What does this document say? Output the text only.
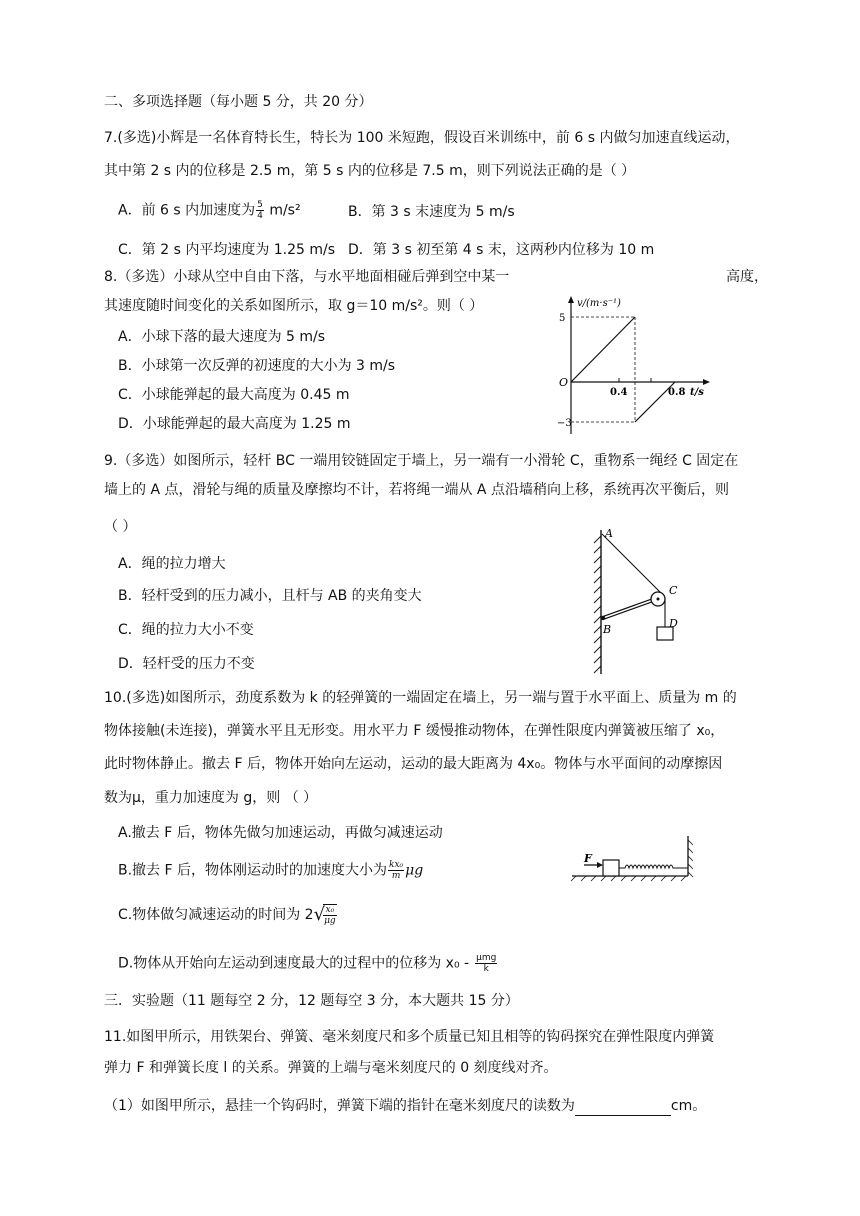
二、多项选择题（每小题 5 分，共 20 分）
7.(多选)小辉是一名体育特长生，特长为 100 米短跑，假设百米训练中，前 6 s 内做匀加速直线运动，
其中第 2 s 内的位移是 2.5 m，第 5 s 内的位移是 7.5 m，则下列说法正确的是（ ）
A．前 6 s 内加速度为 $\frac{5}{4} m/s^2$	B．第 3 s 末速度为 5 m/s
C．第 2 s 内平均速度为 1.25 m/s D．第 3 s 初至第 4 s 末，这两秒内位移为 10 m
8.（多选）小球从空中自由下落，与水平地面相碰后弹到空中某一	高度，
其速度随时间变化的关系如图所示，取 g＝10 m/s²。则（ ）
A．小球下落的最大速度为 5 m/s
B．小球第一次反弹的初速度的大小为 3 m/s
C．小球能弹起的最大高度为 0.45 m
D．小球能弹起的最大高度为 1.25 m
v/(m·s⁻¹)
5
−3
O
0.4	0.8 t/s
9.（多选）如图所示，轻杆 BC 一端用铰链固定于墙上，另一端有一小滑轮 C，重物系一绳经 C 固定在
墙上的 A 点，滑轮与绳的质量及摩擦均不计，若将绳一端从 A 点沿墙稍向上移，系统再次平衡后，则
（ ）
A．绳的拉力增大
B．轻杆受到的压力减小，且杆与 AB 的夹角变大
C．绳的拉力大小不变
D．轻杆受的压力不变
A
C
B	D
10.(多选)如图所示，劲度系数为 k 的轻弹簧的一端固定在墙上，另一端与置于水平面上、质量为 m 的
物体接触(未连接)，弹簧水平且无形变。用水平力 F 缓慢推动物体，在弹性限度内弹簧被压缩了 x₀，
此时物体静止。撤去 F 后，物体开始向左运动，运动的最大距离为 4x₀。物体与水平面间的动摩擦因
数为μ，重力加速度为 g，则 （ ）
A.撤去 F 后，物体先做匀加速运动，再做匀减速运动
B.撤去 F 后，物体刚运动时的加速度大小为 $\frac{\text{kx₀}}{m}$ μg
C.物体做匀减速运动的时间为 2√
$\frac{\text{x₀}}{\mu g}$
D.物体从开始向左运动到速度最大的过程中的位移为 $x_0 - \frac{\text{μmg}}{k}$
F
三．实验题（11 题每空 2 分，12 题每空 3 分，本大题共 15 分）
11.如图甲所示，用铁架台、弹簧、毫米刻度尺和多个质量已知且相等的钩码探究在弹性限度内弹簧
弹力 F 和弹簧长度 l 的关系。弹簧的上端与毫米刻度尺的 0 刻度线对齐。
（1）如图甲所示，悬挂一个钩码时，弹簧下端的指针在毫米刻度尺的读数为	cm。
